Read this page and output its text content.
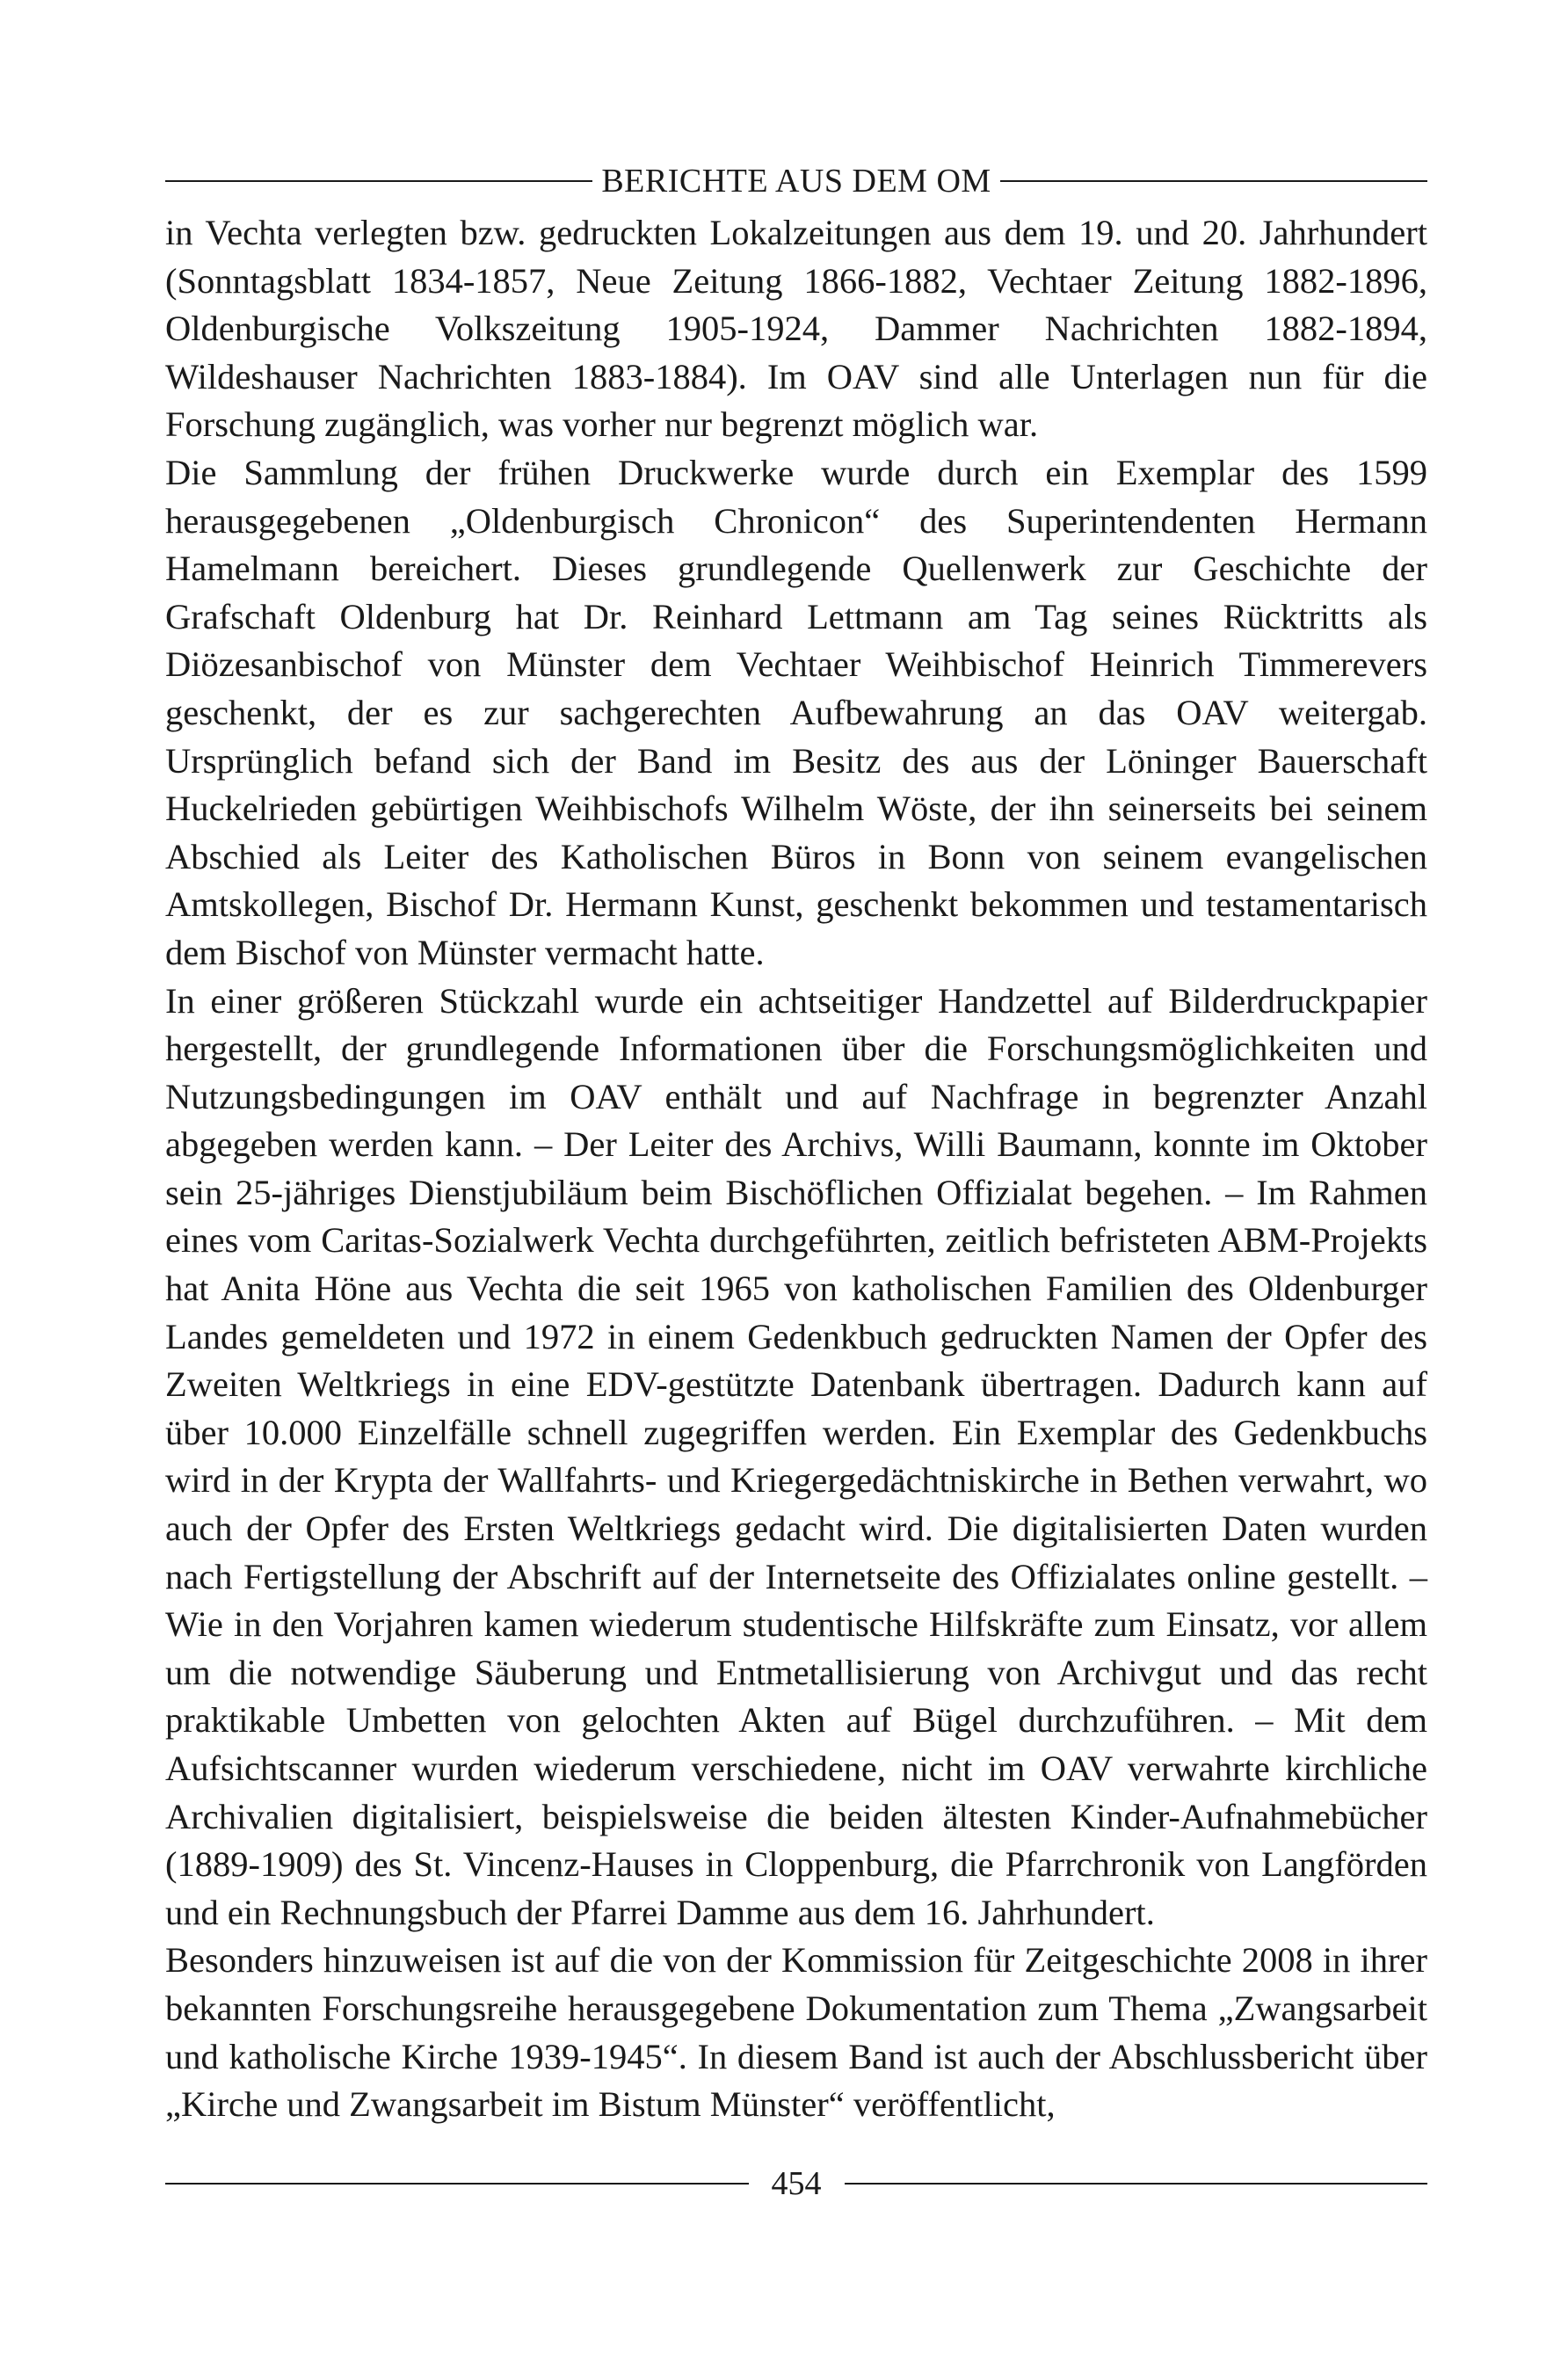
BERICHTE AUS DEM OM

in Vechta verlegten bzw. gedruckten Lokalzeitungen aus dem 19. und 20. Jahrhundert (Sonntagsblatt 1834-1857, Neue Zeitung 1866-1882, Vechtaer Zeitung 1882-1896, Oldenburgische Volkszeitung 1905-1924, Dammer Nachrichten 1882-1894, Wildeshauser Nachrichten 1883-1884). Im OAV sind alle Unterlagen nun für die Forschung zugänglich, was vorher nur begrenzt möglich war.

Die Sammlung der frühen Druckwerke wurde durch ein Exemplar des 1599 herausgegebenen „Oldenburgisch Chronicon“ des Superintendenten Hermann Hamelmann bereichert. Dieses grundlegende Quellenwerk zur Geschichte der Grafschaft Oldenburg hat Dr. Reinhard Lettmann am Tag seines Rücktritts als Diözesanbischof von Münster dem Vechtaer Weihbischof Heinrich Timmerevers geschenkt, der es zur sachgerechten Aufbewahrung an das OAV weitergab. Ursprünglich befand sich der Band im Besitz des aus der Löninger Bauerschaft Huckelrieden gebürtigen Weihbischofs Wilhelm Wöste, der ihn seinerseits bei seinem Abschied als Leiter des Katholischen Büros in Bonn von seinem evangelischen Amtskollegen, Bischof Dr. Hermann Kunst, geschenkt bekommen und testamentarisch dem Bischof von Münster vermacht hatte.

In einer größeren Stückzahl wurde ein achtseitiger Handzettel auf Bilderdruckpapier hergestellt, der grundlegende Informationen über die Forschungsmöglichkeiten und Nutzungsbedingungen im OAV enthält und auf Nachfrage in begrenzter Anzahl abgegeben werden kann. – Der Leiter des Archivs, Willi Baumann, konnte im Oktober sein 25-jähriges Dienstjubiläum beim Bischöflichen Offizialat begehen. – Im Rahmen eines vom Caritas-Sozialwerk Vechta durchgeführten, zeitlich befristeten ABM-Projekts hat Anita Höne aus Vechta die seit 1965 von katholischen Familien des Oldenburger Landes gemeldeten und 1972 in einem Gedenkbuch gedruckten Namen der Opfer des Zweiten Weltkriegs in eine EDV-gestützte Datenbank übertragen. Dadurch kann auf über 10.000 Einzelfälle schnell zugegriffen werden. Ein Exemplar des Gedenkbuchs wird in der Krypta der Wallfahrts- und Kriegergedächtniskirche in Bethen verwahrt, wo auch der Opfer des Ersten Weltkriegs gedacht wird. Die digitalisierten Daten wurden nach Fertigstellung der Abschrift auf der Internetseite des Offizialates online gestellt. – Wie in den Vorjahren kamen wiederum studentische Hilfskräfte zum Einsatz, vor allem um die notwendige Säuberung und Entmetallisierung von Archivgut und das recht praktikable Umbetten von gelochten Akten auf Bügel durchzuführen. – Mit dem Aufsichtscanner wurden wiederum verschiedene, nicht im OAV verwahrte kirchliche Archivalien digitalisiert, beispielsweise die beiden ältesten Kinder-Aufnahmebücher (1889-1909) des St. Vincenz-Hauses in Cloppenburg, die Pfarrchronik von Langförden und ein Rechnungsbuch der Pfarrei Damme aus dem 16. Jahrhundert.

Besonders hinzuweisen ist auf die von der Kommission für Zeitgeschichte 2008 in ihrer bekannten Forschungsreihe herausgegebene Dokumentation zum Thema „Zwangsarbeit und katholische Kirche 1939-1945“. In diesem Band ist auch der Abschlussbericht über „Kirche und Zwangsarbeit im Bistum Münster“ veröffentlicht,

454
